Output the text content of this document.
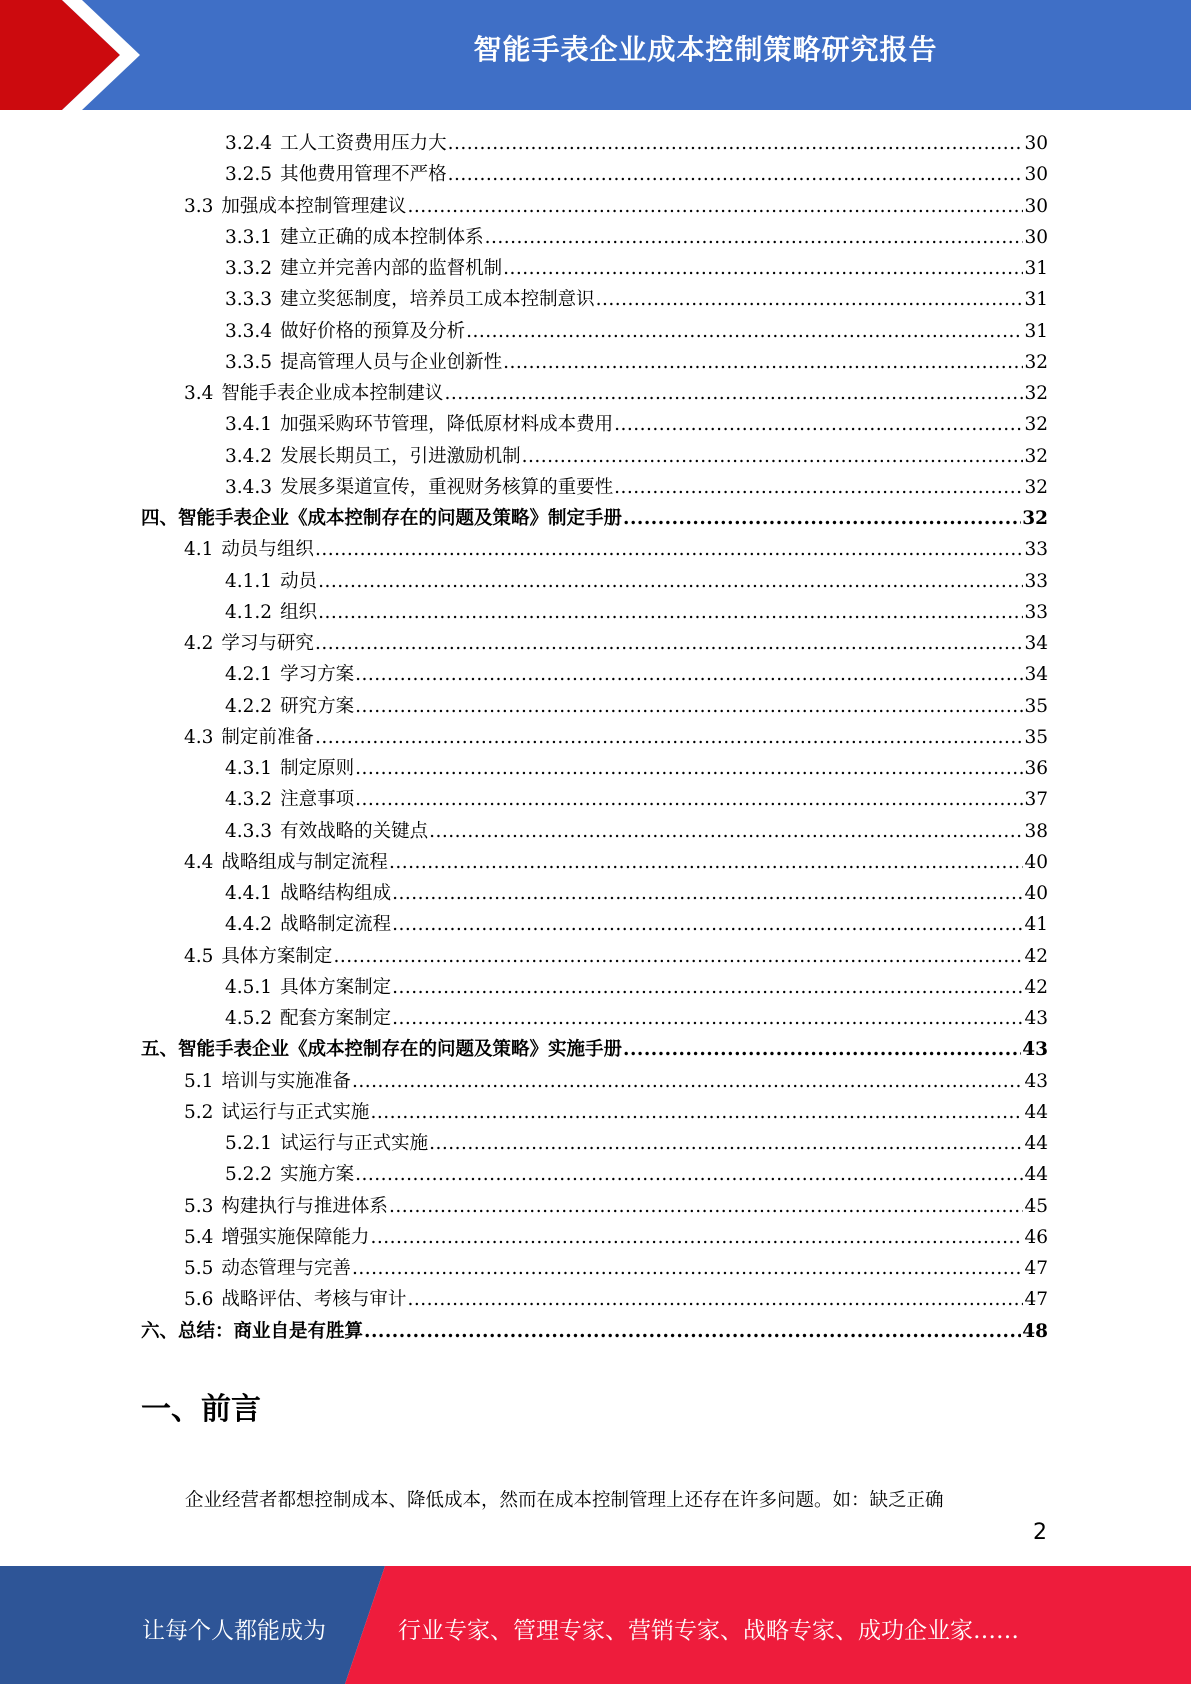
智能手表企业成本控制策略研究报告
3.2.4 工人工资费用压力大 .....	30
3.2.5 其他费用管理不严格 .....	30
3.3 加强成本控制管理建议 .....	30
3.3.1 建立正确的成本控制体系 .....	30
3.3.2 建立并完善内部的监督机制 .....	31
3.3.3 建立奖惩制度，培养员工成本控制意识 .....	31
3.3.4 做好价格的预算及分析 .....	31
3.3.5 提高管理人员与企业创新性 .....	32
3.4 智能手表企业成本控制建议 .....	32
3.4.1 加强采购环节管理，降低原材料成本费用 .....	32
3.4.2 发展长期员工，引进激励机制 .....	32
3.4.3 发展多渠道宣传，重视财务核算的重要性 .....	32
四、智能手表企业《成本控制存在的问题及策略》制定手册 .....	32
4.1 动员与组织 .....	33
4.1.1 动员 .....	33
4.1.2 组织 .....	33
4.2 学习与研究 .....	34
4.2.1 学习方案 .....	34
4.2.2 研究方案 .....	35
4.3 制定前准备 .....	35
4.3.1 制定原则 .....	36
4.3.2 注意事项 .....	37
4.3.3 有效战略的关键点 .....	38
4.4 战略组成与制定流程 .....	40
4.4.1 战略结构组成 .....	40
4.4.2 战略制定流程 .....	41
4.5 具体方案制定 .....	42
4.5.1 具体方案制定 .....	42
4.5.2 配套方案制定 .....	43
五、智能手表企业《成本控制存在的问题及策略》实施手册 .....	43
5.1 培训与实施准备 .....	43
5.2 试运行与正式实施 .....	44
5.2.1 试运行与正式实施 .....	44
5.2.2 实施方案 .....	44
5.3 构建执行与推进体系 .....	45
5.4 增强实施保障能力 .....	46
5.5 动态管理与完善 .....	47
5.6 战略评估、考核与审计 .....	47
六、总结：商业自是有胜算 .....	48
一、前言
企业经营者都想控制成本、降低成本，然而在成本控制管理上还存在许多问题。如：缺乏正确
2
让每个人都能成为	行业专家、管理专家、营销专家、战略专家、成功企业家……
